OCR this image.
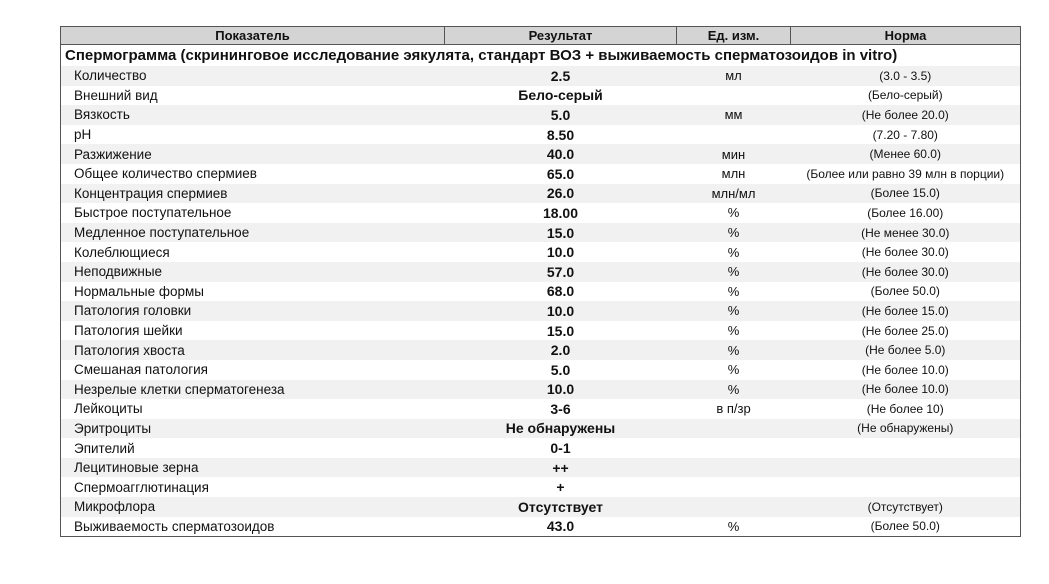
Показатель	Результат	Ед. изм.	Норма
Спермограмма (скрининговое исследование эякулята, стандарт ВОЗ + выживаемость сперматозоидов in vitro)			
Количество	2.5	мл	(3.0 - 3.5)
Внешний вид	Бело-серый		(Бело-серый)
Вязкость	5.0	мм	(Не более 20.0)
pH	8.50		(7.20 - 7.80)
Разжижение	40.0	мин	(Менее 60.0)
Общее количество спермиев	65.0	млн	(Более или равно 39 млн в порции)
Концентрация спермиев	26.0	млн/мл	(Более 15.0)
Быстрое поступательное	18.00	%	(Более 16.00)
Медленное поступательное	15.0	%	(Не менее 30.0)
Колеблющиеся	10.0	%	(Не более 30.0)
Неподвижные	57.0	%	(Не более 30.0)
Нормальные формы	68.0	%	(Более 50.0)
Патология головки	10.0	%	(Не более 15.0)
Патология шейки	15.0	%	(Не более 25.0)
Патология хвоста	2.0	%	(Не более 5.0)
Смешаная патология	5.0	%	(Не более 10.0)
Незрелые клетки сперматогенеза	10.0	%	(Не более 10.0)
Лейкоциты	3-6	в п/зр	(Не более 10)
Эритроциты	Не обнаружены		(Не обнаружены)
Эпителий	0-1		
Лецитиновые зерна	++		
Спермоагглютинация	+		
Микрофлора	Отсутствует		(Отсутствует)
Выживаемость сперматозоидов	43.0	%	(Более 50.0)
